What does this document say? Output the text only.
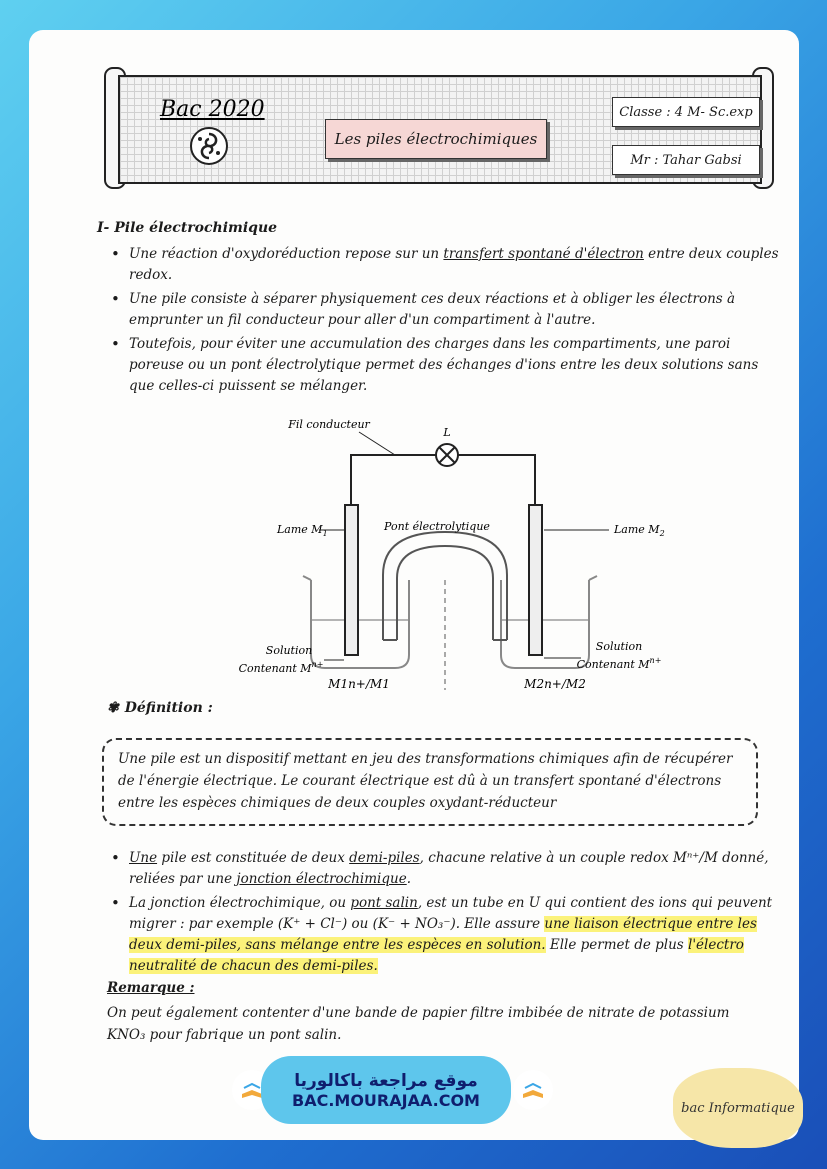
Bac 2020
Les piles électrochimiques
Classe : 4 M- Sc.exp
Mr : Tahar Gabsi
I- Pile électrochimique
• Une réaction d'oxydoréduction repose sur un transfert spontané d'électron entre deux couples redox.
• Une pile consiste à séparer physiquement ces deux réactions et à obliger les électrons à emprunter un fil conducteur pour aller d'un compartiment à l'autre.
• Toutefois, pour éviter une accumulation des charges dans les compartiments, une paroi poreuse ou un pont électrolytique permet des échanges d'ions entre les deux solutions sans que celles-ci puissent se mélanger.
L
Fil conducteur
Pont électrolytique
Lame $M_1$	Lame $M_2$
Solution
Contenant $M^{n+}$
Solution
Contenant $M^{n+}$
M1n+/M1	M2n+/M2
✾ Définition :
Une pile est un dispositif mettant en jeu des transformations chimiques afin de récupérer de l'énergie électrique. Le courant électrique est dû à un transfert spontané d'électrons entre les espèces chimiques de deux couples oxydant-réducteur
• Une pile est constituée de deux demi-piles, chacune relative à un couple redox Mⁿ⁺/M donné, reliées par une jonction électrochimique.
• La jonction électrochimique, ou pont salin, est un tube en U qui contient des ions qui peuvent migrer : par exemple (K⁺ + Cl⁻) ou (K⁻ + NO₃⁻). Elle assure une liaison électrique entre les deux demi-piles, sans mélange entre les espèces en solution. Elle permet de plus l'électro neutralité de chacun des demi-piles.
Remarque :
On peut également contenter d'une bande de papier filtre imbibée de nitrate de potassium KNO₃ pour fabrique un pont salin.
موقع مراجعة باكالوريا
BAC.MOURAJAA.COM	bac Informatique
